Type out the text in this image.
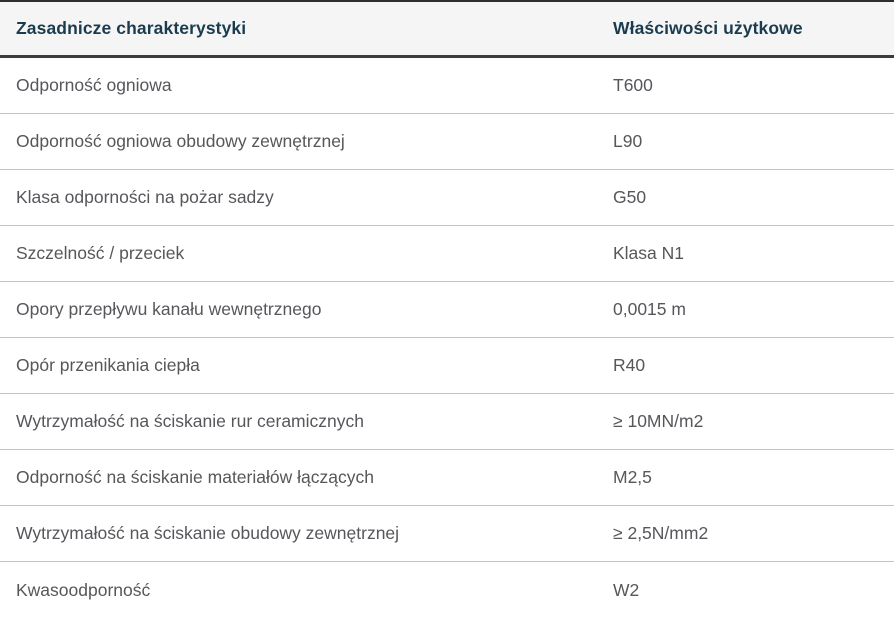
Zasadnicze charakterystyki	Właściwości użytkowe
Odporność ogniowa	T600
Odporność ogniowa obudowy zewnętrznej	L90
Klasa odporności na pożar sadzy	G50
Szczelność / przeciek	Klasa N1
Opory przepływu kanału wewnętrznego	0,0015 m
Opór przenikania ciepła	R40
Wytrzymałość na ściskanie rur ceramicznych	≥ 10MN/m2
Odporność na ściskanie materiałów łączących	M2,5
Wytrzymałość na ściskanie obudowy zewnętrznej	≥ 2,5N/mm2
Kwasoodporność	W2
